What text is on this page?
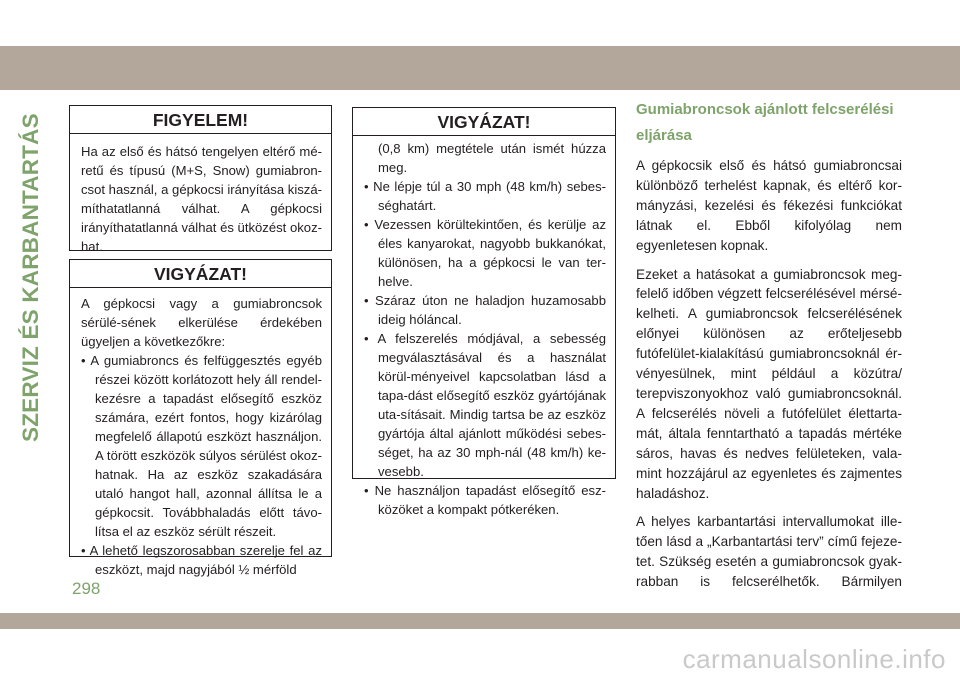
SZERVIZ ÉS KARBANTARTÁS	FIGYELEM!
Ha az első és hátsó tengelyen eltérő mé-retű és típusú (M+S, Snow) gumiabron-csot használ, a gépkocsi irányítása kiszá-míthatatlanná válhat. A gépkocsi irányíthatatlanná válhat és ütközést okoz-hat.
VIGYÁZAT!
A gépkocsi vagy a gumiabroncsok sérülé-sének elkerülése érdekében ügyeljen a következőkre:
• A gumiabroncs és felfüggesztés egyéb részei között korlátozott hely áll rendel-kezésre a tapadást elősegítő eszköz számára, ezért fontos, hogy kizárólag megfelelő állapotú eszközt használjon. A törött eszközök súlyos sérülést okoz-hatnak. Ha az eszköz szakadására utaló hangot hall, azonnal állítsa le a gépkocsit. Továbbhaladás előtt távo-lítsa el az eszköz sérült részeit.
• A lehető legszorosabban szerelje fel az eszközt, majd nagyjából ½ mérföld
VIGYÁZAT!
(0,8 km) megtétele után ismét húzza meg.
• Ne lépje túl a 30 mph (48 km/h) sebes-séghatárt.
• Vezessen körültekintően, és kerülje az éles kanyarokat, nagyobb bukkanókat, különösen, ha a gépkocsi le van ter-helve.
• Száraz úton ne haladjon huzamosabb ideig hóláncal.
• A felszerelés módjával, a sebesség megválasztásával és a használat körül-ményeivel kapcsolatban lásd a tapa-dást elősegítő eszköz gyártójának uta-sításait. Mindig tartsa be az eszköz gyártója által ajánlott működési sebes-séget, ha az 30 mph-nál (48 km/h) ke-vesebb.
• Ne használjon tapadást elősegítő esz-közöket a kompakt pótkeréken.
Gumiabroncsok ajánlott felcserélési eljárása

A gépkocsik első és hátsó gumiabroncsai különböző terhelést kapnak, és eltérő kor-mányzási, kezelési és fékezési funkciókat látnak el. Ebből kifolyólag nem egyenletesen kopnak.

Ezeket a hatásokat a gumiabroncsok meg-felelő időben végzett felcserélésével mérsé-kelheti. A gumiabroncsok felcserélésének előnyei különösen az erőteljesebb futófelület-kialakítású gumiabroncsoknál ér-vényesülnek, mint például a közútra/ terepviszonyokhoz való gumiabroncsoknál. A felcserélés növeli a futófelület élettarta-mát, általa fenntartható a tapadás mértéke sáros, havas és nedves felületeken, vala-mint hozzájárul az egyenletes és zajmentes haladáshoz.

A helyes karbantartási intervallumokat ille-tően lásd a „Karbantartási terv” című fejeze-tet. Szükség esetén a gumiabroncsok gyak-rabban is felcserélhetők. Bármilyen

298
carmanualsonline.info
